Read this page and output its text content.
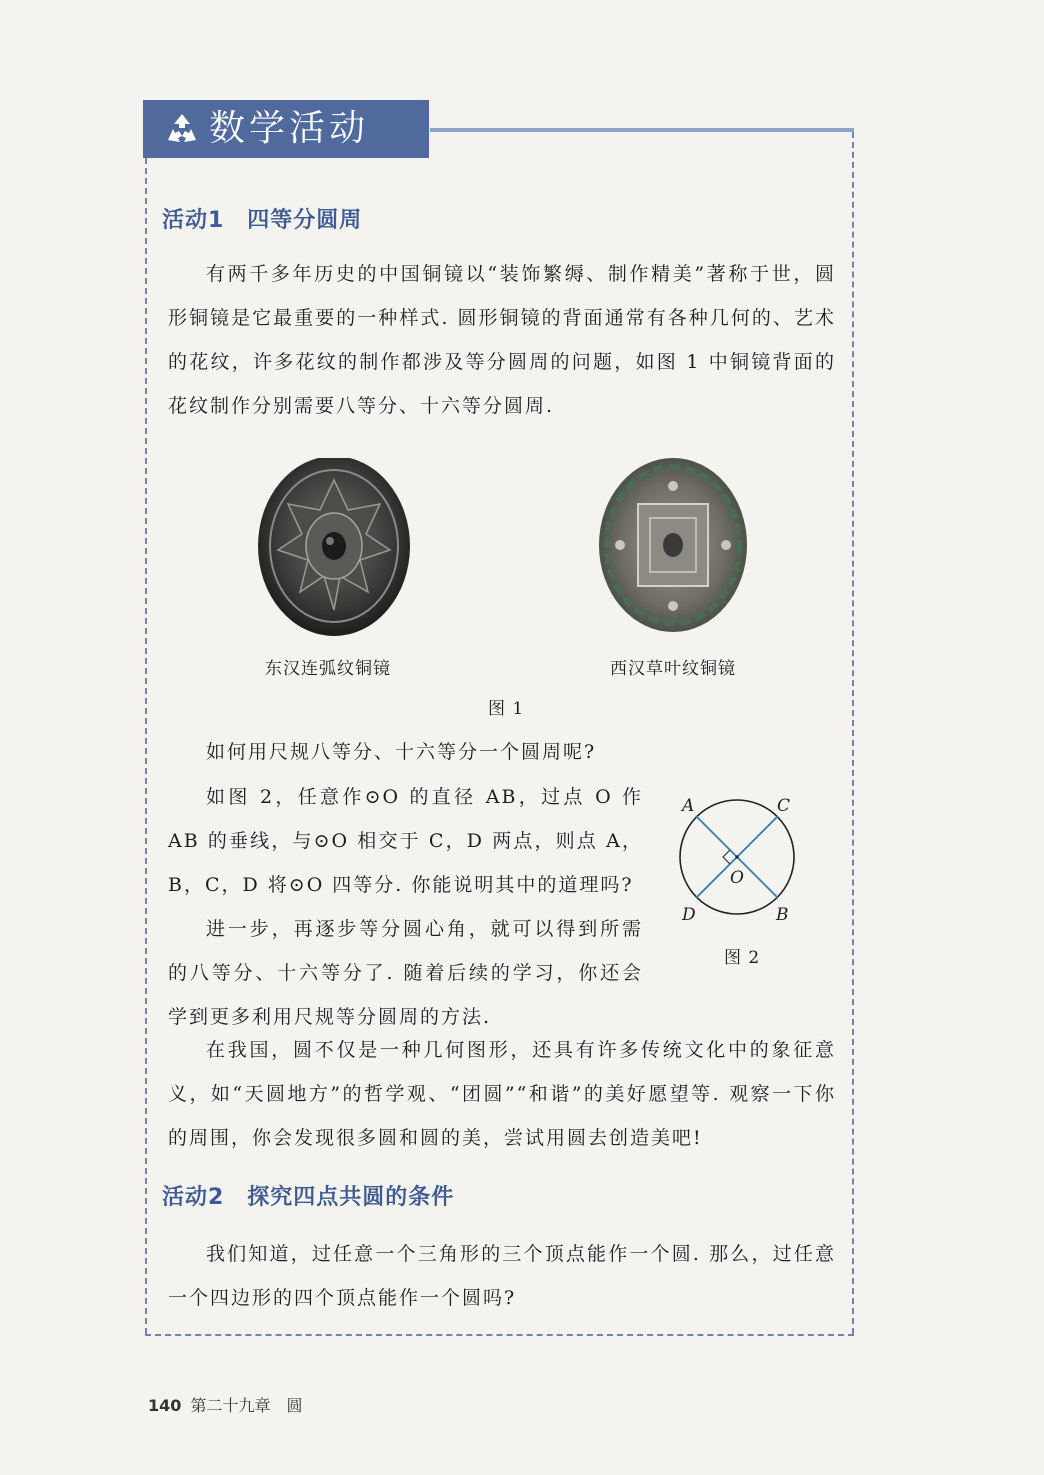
数学活动
活动1　四等分圆周

有两千多年历史的中国铜镜以“装饰繁缛、制作精美”著称于世，圆形铜镜是它最重要的一种样式. 圆形铜镜的背面通常有各种几何的、艺术的花纹，许多花纹的制作都涉及等分圆周的问题，如图 1 中铜镜背面的花纹制作分别需要八等分、十六等分圆周.

东汉连弧纹铜镜	西汉草叶纹铜镜
图 1

如何用尺规八等分、十六等分一个圆周呢?

如图 2，任意作⊙O 的直径 AB，过点 O 作 AB 的垂线，与⊙O 相交于 C，D 两点，则点 A，B，C，D 将⊙O 四等分. 你能说明其中的道理吗?

进一步，再逐步等分圆心角，就可以得到所需的八等分、十六等分了. 随着后续的学习，你还会学到更多利用尺规等分圆周的方法.

A	C
D	B
O
图 2

在我国，圆不仅是一种几何图形，还具有许多传统文化中的象征意义，如“天圆地方”的哲学观、“团圆”“和谐”的美好愿望等. 观察一下你的周围，你会发现很多圆和圆的美，尝试用圆去创造美吧!

活动2　探究四点共圆的条件

我们知道，过任意一个三角形的三个顶点能作一个圆. 那么，过任意一个四边形的四个顶点能作一个圆吗?

140 第二十九章　圆
